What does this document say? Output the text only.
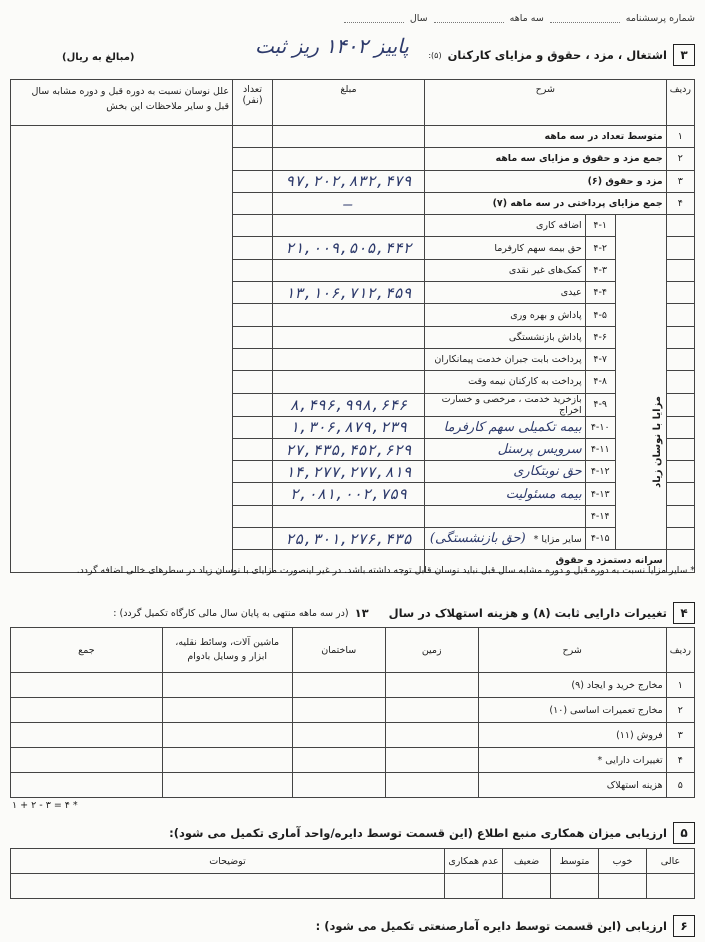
شماره پرسشنامه
سه ماهه
سال
۳
اشتغال ، مزد ، حقوق و مزایای کارکنان
(۵):
پاییز ۱۴۰۲ ریز ثبت
(مبالغ به ریال)
ردیف	شرح			مبلغ	تعداد (نفر)	علل نوسان نسبت به دوره قبل و دوره مشابه سال قبل و سایر ملاحظات این بخش
۱	متوسط تعداد در سه ماهه					
۲	جمع مزد و حقوق و مزایای سه ماهه					
۳	مزد و حقوق (۶)			۹۷,۲۰۲,۸۳۲,۴۷۹		
۴	جمع مزایای پرداختی در سه ماهه (۷)			—		

	مزایا با نوسان زیاد	۴-۱	اضافه کاری			
		۴-۲	حق بیمه سهم کارفرما	۲۱,۰۰۹,۵۰۵,۴۴۲		
		۴-۳	کمک‌های غیر نقدی			
		۴-۴	عیدی	۱۳,۱۰۶,۷۱۲,۴۵۹		
		۴-۵	پاداش و بهره وری			
		۴-۶	پاداش بازنشستگی			
		۴-۷	پرداخت بابت جبران خدمت پیمانکاران			
		۴-۸	پرداخت به کارکنان نیمه وقت			
		۴-۹	بازخرید خدمت ، مرخصی و خسارت اخراج	۸,۴۹۶,۹۹۸,۶۴۶		
		۴-۱۰	بیمه تکمیلی سهم کارفرما	۱,۳۰۶,۸۷۹,۲۳۹		
		۴-۱۱	سرویس پرسنل	۲۷,۴۳۵,۴۵۲,۶۲۹		
		۴-۱۲	حق نوبتکاری	۱۴,۲۷۷,۲۷۷,۸۱۹		
		۴-۱۳	بیمه مسئولیت	۲,۰۸۱,۰۰۲,۷۵۹		
		۴-۱۴				
		۴-۱۵	سایر مزایا *(حق بازنشستگی)	۲۵,۳۰۱,۲۷۶,۴۳۵		
	سرانه دستمزد و حقوق					
* سایر مزایا نسبت به دوره قبل و دوره مشابه سال قبل نباید نوسان قابل توجه داشته باشد. در غیر اینصورت مزایای با نوسان زیاد در سطرهای خالی اضافه گردد.
۴
تغییرات دارایی ثابت (۸) و هزینه استهلاک در سال
۱۳
(در سه ماهه منتهی به پایان سال مالی کارگاه تکمیل گردد) :
ردیف	شرح	زمین	ساختمان	ماشین آلات، وسائط نقلیه، ابزار و وسایل بادوام	جمع
۱	مخارج خرید و ایجاد (۹)				
۲	مخارج تعمیرات اساسی (۱۰)				
۳	فروش (۱۱)				
۴	تغییرات دارایی *				
۵	هزینه استهلاک				
* ۴ = ۳ - ۲ + ۱
۵
ارزیابی میزان همکاری منبع اطلاع (این قسمت توسط دایره/واحد آماری تکمیل می شود):
عالی	خوب	متوسط	ضعیف	عدم همکاری	توضیحات

۶
ارزیابی (این قسمت توسط دایره آمارصنعتی تکمیل می شود) :
